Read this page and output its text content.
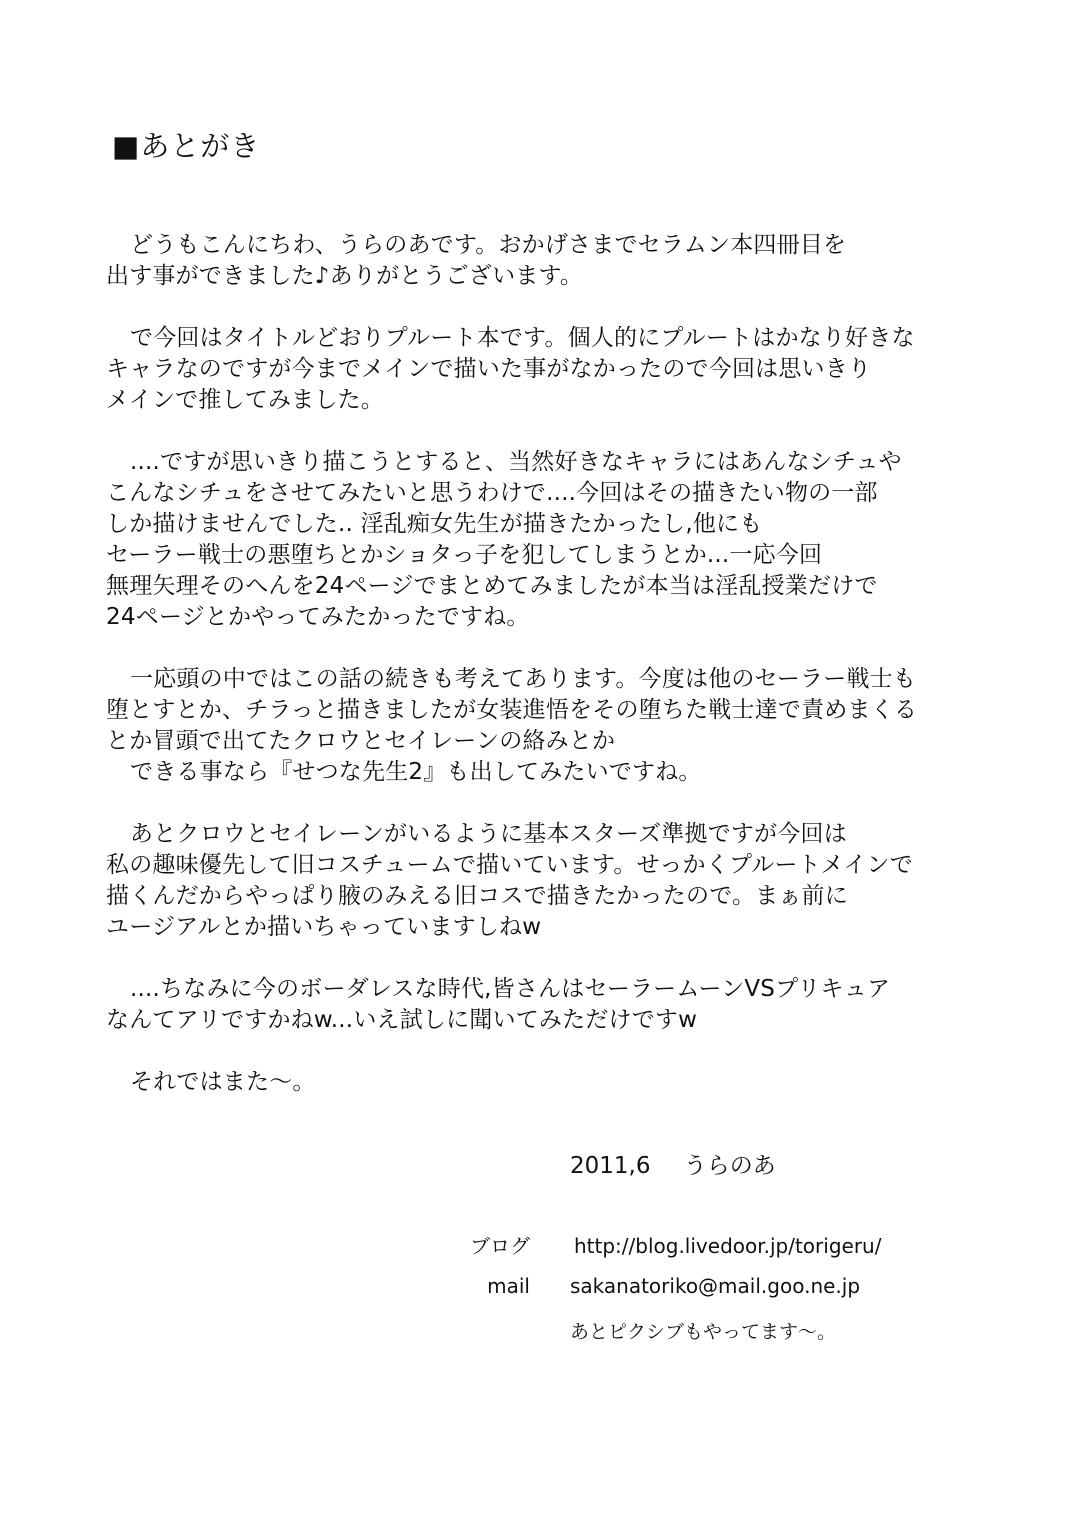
■あとがき
どうもこんにちわ、うらのあです。おかげさまでセラムン本四冊目を
出す事ができました♪ありがとうございます。
で今回はタイトルどおりプルート本です。個人的にプルートはかなり好きな
キャラなのですが今までメインで描いた事がなかったので今回は思いきり
メインで推してみました。
....ですが思いきり描こうとすると、当然好きなキャラにはあんなシチュや
こんなシチュをさせてみたいと思うわけで....今回はその描きたい物の一部
しか描けませんでした.. 淫乱痴女先生が描きたかったし,他にも
セーラー戦士の悪堕ちとかショタっ子を犯してしまうとか...一応今回
無理矢理そのへんを24ページでまとめてみましたが本当は淫乱授業だけで
24ページとかやってみたかったですね。
一応頭の中ではこの話の続きも考えてあります。今度は他のセーラー戦士も
堕とすとか、チラっと描きましたが女装進悟をその堕ちた戦士達で責めまくる
とか冒頭で出てたクロウとセイレーンの絡みとか
できる事なら『せつな先生2』も出してみたいですね。
あとクロウとセイレーンがいるように基本スターズ準拠ですが今回は
私の趣味優先して旧コスチュームで描いています。せっかくプルートメインで
描くんだからやっぱり腋のみえる旧コスで描きたかったので。まぁ前に
ユージアルとか描いちゃっていますしねw
....ちなみに今のボーダレスな時代,皆さんはセーラームーンVSプリキュア
なんてアリですかねw...いえ試しに聞いてみただけですw
それではまた～。
2011,6 うらのあ
ブログ http://blog.livedoor.jp/torigeru/
mail sakanatoriko@mail.goo.ne.jp
あとピクシブもやってます～。
